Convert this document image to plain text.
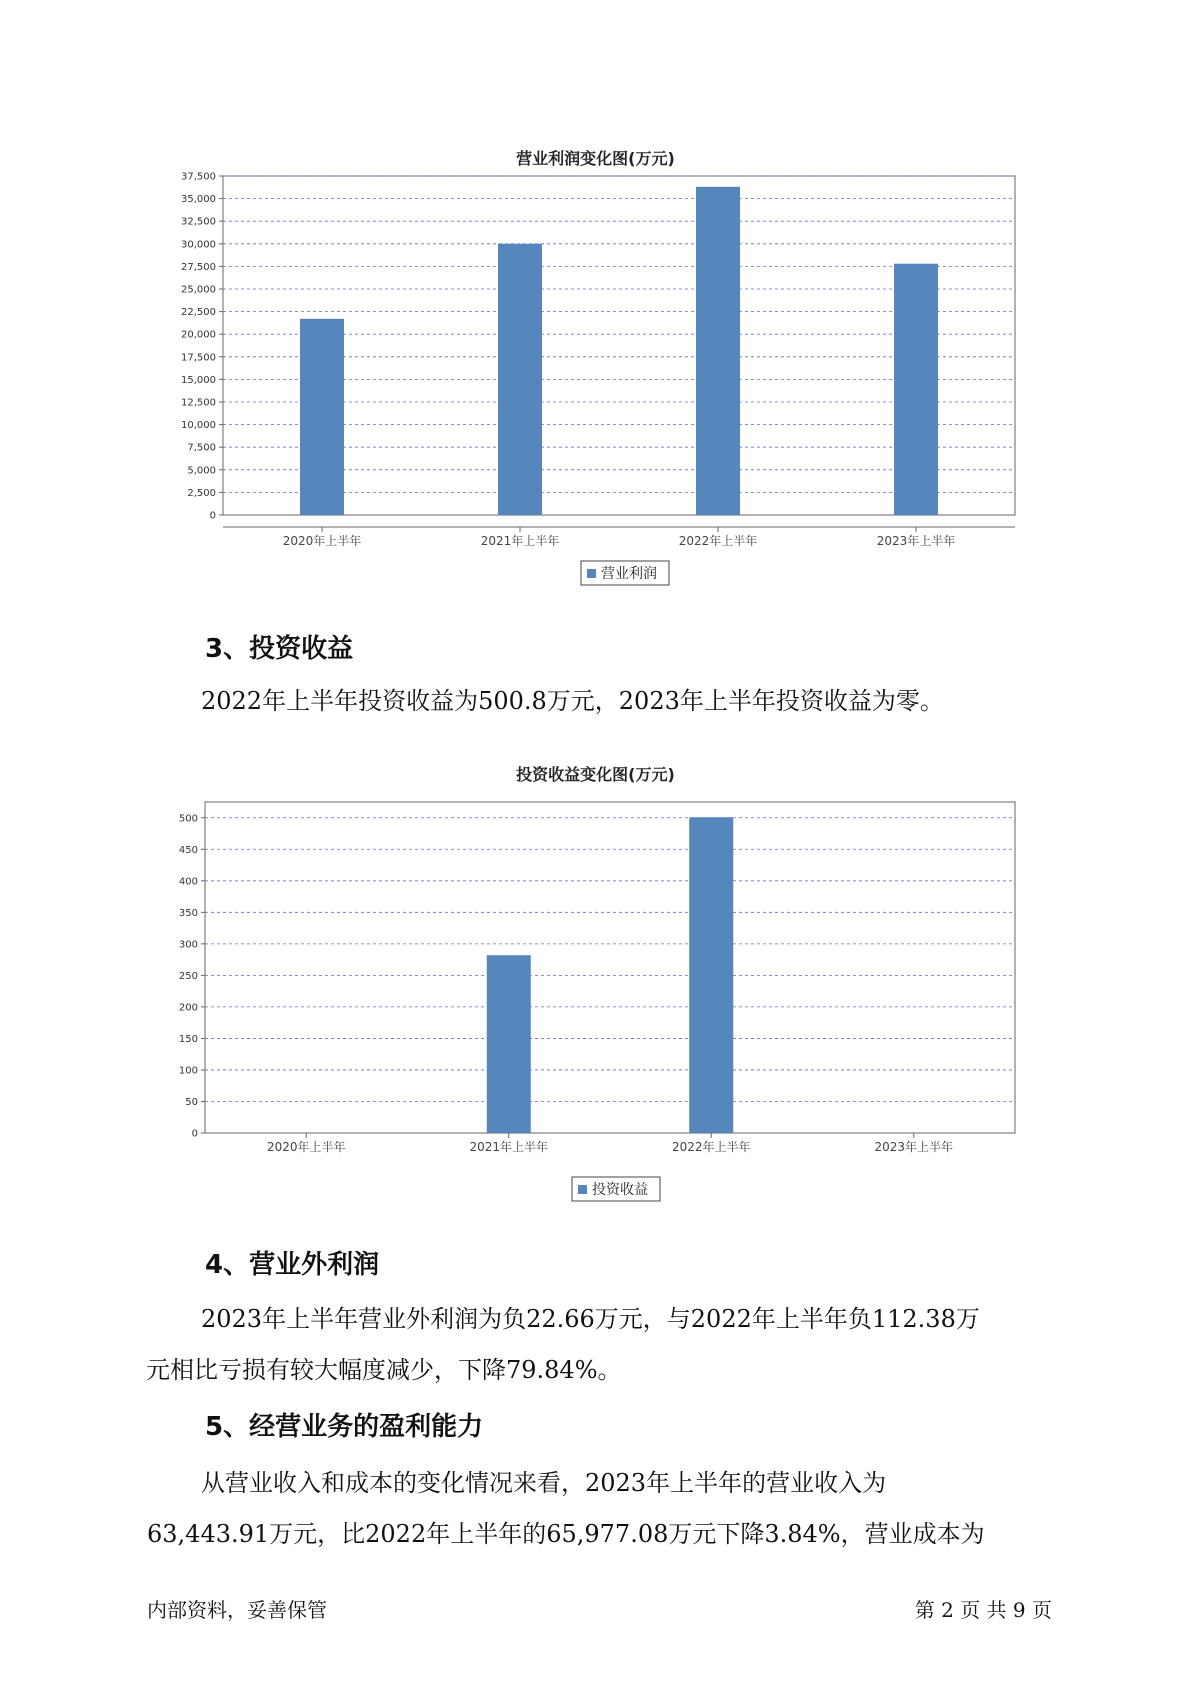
营业利润变化图(万元)
0
2,500
5,000
7,500
10,000
12,500
15,000
17,500
20,000
22,500
25,000
27,500
30,000
32,500
35,000
37,500
2020年上半年	2021年上半年	2022年上半年	2023年上半年
营业利润
3、投资收益
2022年上半年投资收益为500.8万元，2023年上半年投资收益为零。
投资收益变化图(万元)
0
50
100
150
200
250
300
350
400
450
500
2020年上半年	2021年上半年	2022年上半年	2023年上半年
投资收益
4、营业外利润
2023年上半年营业外利润为负22.66万元，与2022年上半年负112.38万
元相比亏损有较大幅度减少，下降79.84%。
5、经营业务的盈利能力
从营业收入和成本的变化情况来看，2023年上半年的营业收入为
63,443.91万元，比2022年上半年的65,977.08万元下降3.84%，营业成本为
内部资料，妥善保管	第 2 页 共 9 页
